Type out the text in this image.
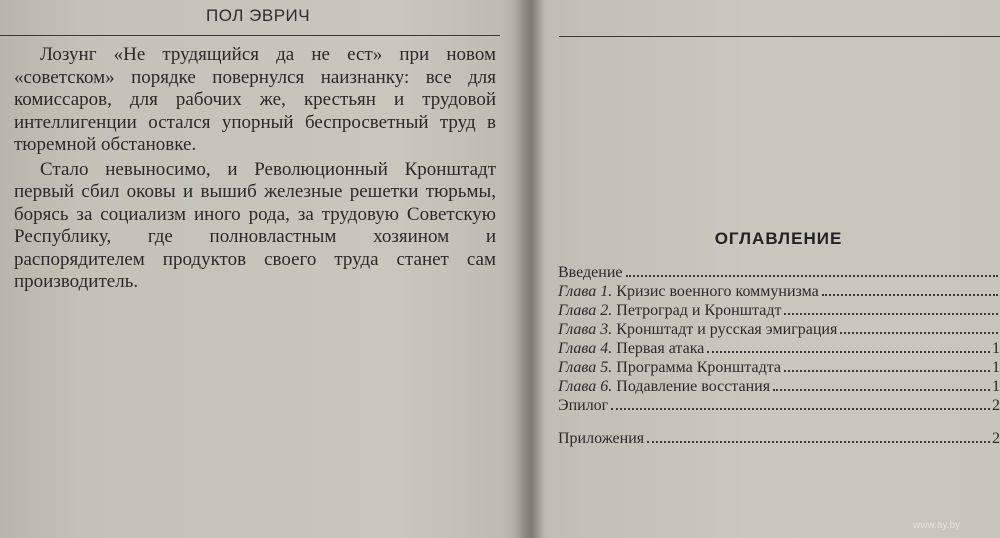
ПОЛ ЭВРИЧ

Лозунг «Не трудящийся да не ест» при новом «советском» порядке повернулся наизнанку: все для комиссаров, для рабочих же, крестьян и трудовой интеллигенции остался упорный беспросветный труд в тюремной обстановке.

Стало невыносимо, и Революционный Кронштадт первый сбил оковы и вышиб железные решетки тюрьмы, борясь за социализм иного рода, за трудовую Советскую Республику, где полновластным хозяином и распорядителем продуктов своего труда станет сам производитель.

ОГЛАВЛЕНИЕ
Введение
Глава 1. Кризис военного коммунизма
Глава 2. Петроград и Кронштадт
Глава 3. Кронштадт и русская эмиграция
Глава 4. Первая атака	1
Глава 5. Программа Кронштадта	1
Глава 6. Подавление восстания	1
Эпилог	2
Приложения	2
www.ay.by
